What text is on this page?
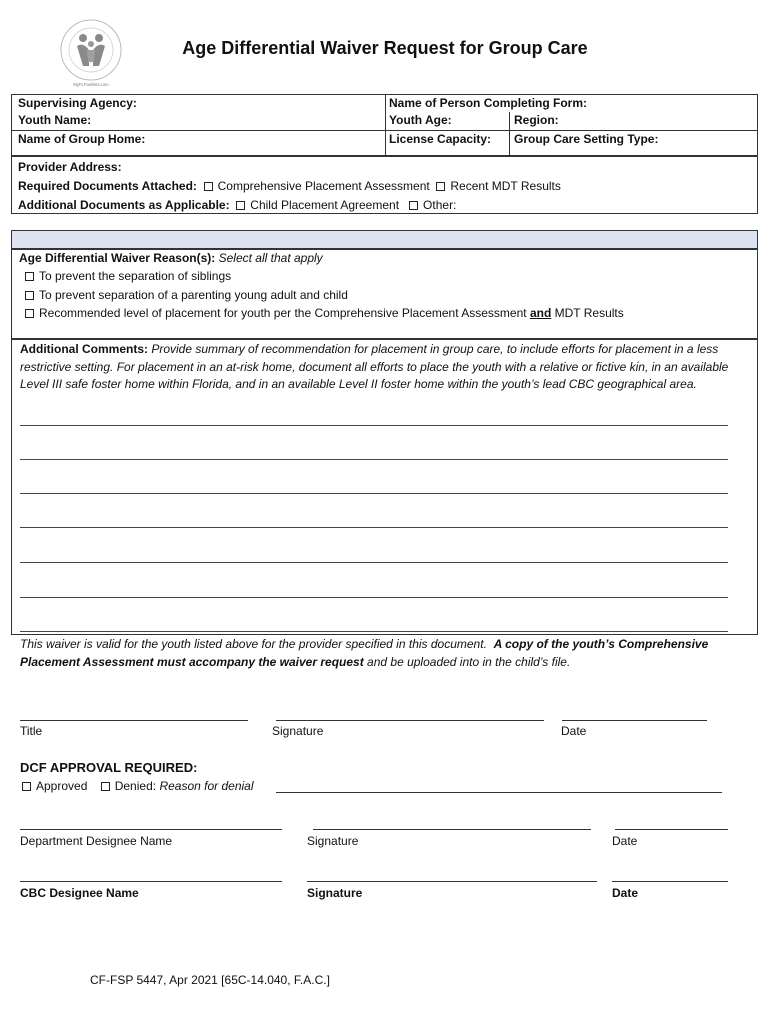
MyFLFamilies.com
Age Differential Waiver Request for Group Care
Supervising Agency:	Name of Person Completing Form:
Youth Name:	Youth Age:	Region:
Name of Group Home:	License Capacity: Group Care Setting Type:
Provider Address:
Required Documents Attached: Comprehensive Placement Assessment Recent MDT Results
Additional Documents as Applicable: Child Placement Agreement Other:
Age Differential Waiver Reason(s): Select all that apply
To prevent the separation of siblings
To prevent separation of a parenting young adult and child
Recommended level of placement for youth per the Comprehensive Placement Assessment and MDT Results
Additional Comments: Provide summary of recommendation for placement in group care, to include efforts for placement in a less restrictive setting. For placement in an at-risk home, document all efforts to place the youth with a relative or fictive kin, in an available Level III safe foster home within Florida, and in an available Level II foster home within the youth’s lead CBC geographical area.
This waiver is valid for the youth listed above for the provider specified in this document. A copy of the youth’s Comprehensive Placement Assessment must accompany the waiver request and be uploaded into in the child’s file.
Title	Signature	Date
DCF APPROVAL REQUIRED:
Approved Denied: Reason for denial
Department Designee Name	Signature	Date
CBC Designee Name	Signature	Date
CF-FSP 5447, Apr 2021 [65C-14.040, F.A.C.]
